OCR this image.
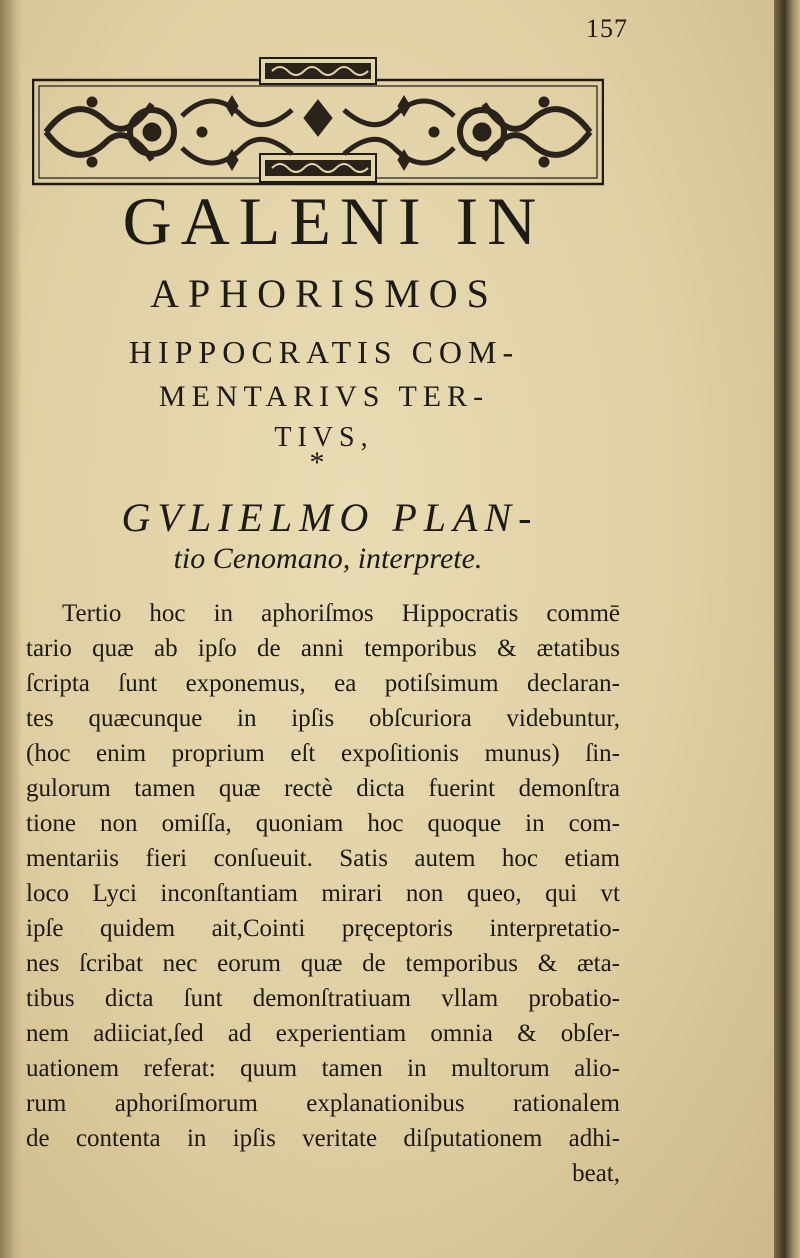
157
GALENI IN
APHORISMOS
HIPPOCRATIS COM-
MENTARIVS TER-
TIVS,
*
GVLIELMO PLAN-
tio Cenomano, interprete.
Tertio hoc in aphoriſmos Hippocratis commē
tario quæ ab ipſo de anni temporibus & ætatibus
ſcripta ſunt exponemus, ea potiſsimum declaran-
tes quæcunque in ipſis obſcuriora videbuntur,
(hoc enim proprium eſt expoſitionis munus) ſin-
gulorum tamen quæ rectè dicta fuerint demonſtra
tione non omiſſa, quoniam hoc quoque in com-
mentariis fieri conſueuit. Satis autem hoc etiam
loco Lyci inconſtantiam mirari non queo, qui vt
ipſe quidem ait,Cointi pręceptoris interpretatio-
nes ſcribat nec eorum quæ de temporibus & æta-
tibus dicta ſunt demonſtratiuam vllam probatio-
nem adiiciat,ſed ad experientiam omnia & obſer-
uationem referat: quum tamen in multorum alio-
rum aphoriſmorum explanationibus rationalem
de contenta in ipſis veritate diſputationem adhi-
beat,
